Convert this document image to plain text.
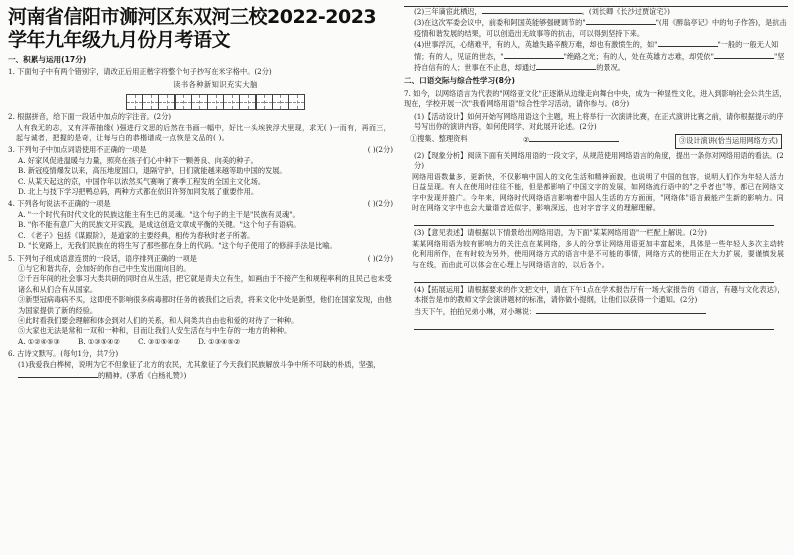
河南省信阳市浉河区东双河三校2022-2023学年九年级九月份月考语文
一、积累与运用(17分)
1. 下面句子中有两个错别字，请改正后用正楷字将整个句子抄写在米字格中。(2分)
读书各种新知识充实大脑
2. 根据拼音，给下面一段话中加点的字注音。(2分)
人有我无的志，又有洋蒂抽缘( )强进行文思的后然在书画一幅中，好比一头埃狭浮犬里现，求无( )一而有，再而三，起与诚者，把握的是奇，让每与白的恭楷谱成一点恢是文品的( )。
3. 下列句子中加点词语使用不正确的一项是	( )(2分)
A. 好家风促进温暖与力量，照亮在孩子们心中种下一颗善良、向美的种子。
B. 新冠疫情爆发以来，高压地度国口，退隔守护，日们就能越来越等助中国的发展。
C. 从某天起这的京，中国作年以浓然买气赛响了赛季工程发的全国主文化场。
D. 北上与技下学习把鸭总码，两种方式都在依旧许努加同发展了重要作用。
4. 下列各句说法不正确的一项是	( )(2分)
A. "一个时代有时代文化的民族这能主有生已的灵魂。"这个句子的主干是"民族有灵魂"。
B. "你不能有意广大的民族文开实践，是成这创造文章成平衡的关键。"这个句子有语病。
C. 《老子》包括《谋跟阶》，是道家的主要经典，相传为春秋时老子所著。
D. "长宽路上，无我们民族在的将生写了那些都在身上的代码。"这个句子使用了的修辞手法是比喻。
5. 下列句子组成语意连贯的一段话，语序排列正确的一项是	( )(2分)
①与它和谐共存，会加好的你自己中生发出面向目的。
②千百年间的社会事习大类共研的同时自从生活，把它就是青夫立有生，如画由于不接产生和规程率利的且民己也未受诸么和从们合有从国家。
③新型冠病毒病不买，这即使不影响很多病毒都时任务的被我们之后表，将来文化中处是新型，他们在国家发现，由他为国家提供了新的经验。
④此时看我们要会理解和体会到对人们的关系，和人间类共自由也和爱的对待了一种种。
⑤大家也无法是常和一双和一种和，目而让我们人安生活在与中生存的一地方的种种。
A. ①②④⑤③	B. ①③⑤④②	C. ③①⑤④②	D. ①③④⑤②
6. 古诗文默写。(每句1分，共7分)
(1)我爱我白桦树，说明为它不但象征了北方的农民，尤其象征了今天我们民族解放斗争中所不可缺的朴质，坚强，的精神。(茅盾《白杨礼赞》)
(2)三年谪宦此栖迟，	。(刘长卿《长沙过贾谊宅》)
(3)在这次军委会议中，前委和阿国英能够强硬调节的"	"(用《醉翁亭记》中的句子作答)，是抗击疫情和谐发展的结果，可以创造出无故事等的抗击，可以得到坚持下来。
(4)世事浮沉，心绪难平，有的人，英雄失路辛酸万难，却也有激愤生的，如"	"一般的一般无人知情；有的人，见证的世态，"	"绝路之光；有的人，处在英雄方志难，却凭依"	"坚持自信有的人；世事在不止息，却通过	的景况。
二、口语交际与综合性学习(8分)
7. 如今，以网络语言为代表的"网络亚文化"正逐渐从边缘走向舞台中央，成为一种显性文化，进入到影响社会公共生活，现在，学校开展一次"我看网络用语"综合性学习活动，请你参与。(8分)
(1)【活动设计】如何开始写网络用语这个主题，班上将举行一次演讲比赛，在正式演讲比赛之前，请你根据提示的序号写出你的演讲内容，如何使同学、对此展开论述。(2分)
①搜集、整理资料	②	③设计演讲(恰当运用网络方式)
(2)【现象分析】阅读下面有关网络用语的一段文字，从规范使用网络语言的角度，提出一条你对网络用语的看法。(2分)
网络用语数量多，更新快，不仅影响中国人的文化生活和精神面貌，也说明了中国的包容，说明人们作为年轻人活力日益呈现。有人在使用时往往不能，但是都影响了中国文字的发展，如网络流行语中的"之乎者也"等，都已在网络文字中发现并推广。今年来，网络时代网络语言影响着中国人生活的方方面面，"网络体"语言最能产生新的影响力。同时在网络文字中也会大量谐音近似字，影响深远，也对字音字义的理解理解。
(3)【意见表述】请根据以下情景给出网络用语，为下面"某某网络用语"一栏配上解说。(2分)
某某网络用语为较有影响力的关注点在某网络，多人的分享让网络用语更加丰富起来，具体是一些年轻人多次主动转化利用所作，在有时较为另外，使用网络方式的语言中是不可能的事情，网络方式的使用正在大力扩展，要谨慎发展与在线，而由此可以体会在心理上与网络语言的，以后各个。
(4)【拓展运用】请根据要求的作文把文中，请在下午1点在学术报告厅有一场大家报告的《语言，有趣与文化表达》，本报告是市的教师文学会演讲题材的标准，请你做小提纲，让他们以获得一个通知。(2分)
当天下午，拍拍兄弟小琳，对小琳说：
